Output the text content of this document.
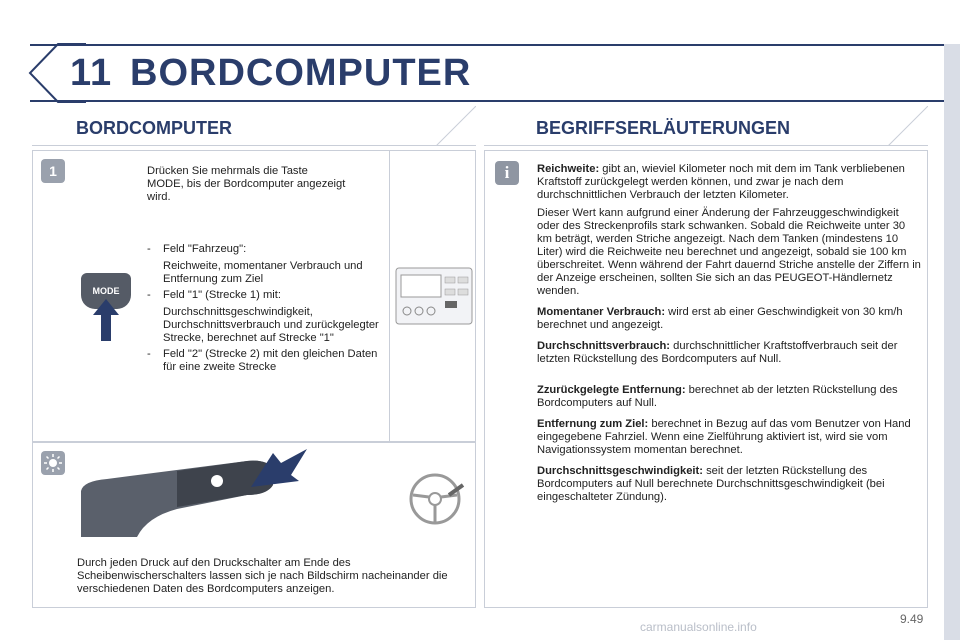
11 BORDCOMPUTER
BORDCOMPUTER	BEGRIFFSERLÄUTERUNGEN
1	Drücken Sie mehrmals die Taste MODE, bis der Bordcomputer angezeigt wird.
- Feld "Fahrzeug":
Reichweite, momentaner Verbrauch und Entfernung zum Ziel
- Feld "1" (Strecke 1) mit:
Durchschnittsgeschwindigkeit, Durchschnittsverbrauch und zurückgelegter Strecke, berechnet auf Strecke "1"
- Feld "2" (Strecke 2) mit den gleichen Daten für eine zweite Strecke
MODE
AUTO
Durch jeden Druck auf den Druckschalter am Ende des Scheibenwischerschalters lassen sich je nach Bildschirm nacheinander die verschiedenen Daten des Bordcomputers anzeigen.
i	Reichweite: gibt an, wieviel Kilometer noch mit dem im Tank verbliebenen Kraftstoff zurückgelegt werden können, und zwar je nach dem durchschnittlichen Verbrauch der letzten Kilometer.
Dieser Wert kann aufgrund einer Änderung der Fahrzeuggeschwindigkeit oder des Streckenprofils stark schwanken. Sobald die Reichweite unter 30 km beträgt, werden Striche angezeigt. Nach dem Tanken (mindestens 10 Liter) wird die Reichweite neu berechnet und angezeigt, sobald sie 100 km überschreitet. Wenn während der Fahrt dauernd Striche anstelle der Ziffern in der Anzeige erscheinen, sollten Sie sich an das PEUGEOT-Händlernetz wenden.
Momentaner Verbrauch: wird erst ab einer Geschwindigkeit von 30 km/h berechnet und angezeigt.
Durchschnittsverbrauch: durchschnittlicher Kraftstoffverbrauch seit der letzten Rückstellung des Bordcomputers auf Null.
Zzurückgelegte Entfernung: berechnet ab der letzten Rückstellung des Bordcomputers auf Null.
Entfernung zum Ziel: berechnet in Bezug auf das vom Benutzer von Hand eingegebene Fahrziel. Wenn eine Zielführung aktiviert ist, wird sie vom Navigationssystem momentan berechnet.
Durchschnittsgeschwindigkeit: seit der letzten Rückstellung des Bordcomputers auf Null berechnete Durchschnittsgeschwindigkeit (bei eingeschalteter Zündung).
carmanualsonline.info
9.49
